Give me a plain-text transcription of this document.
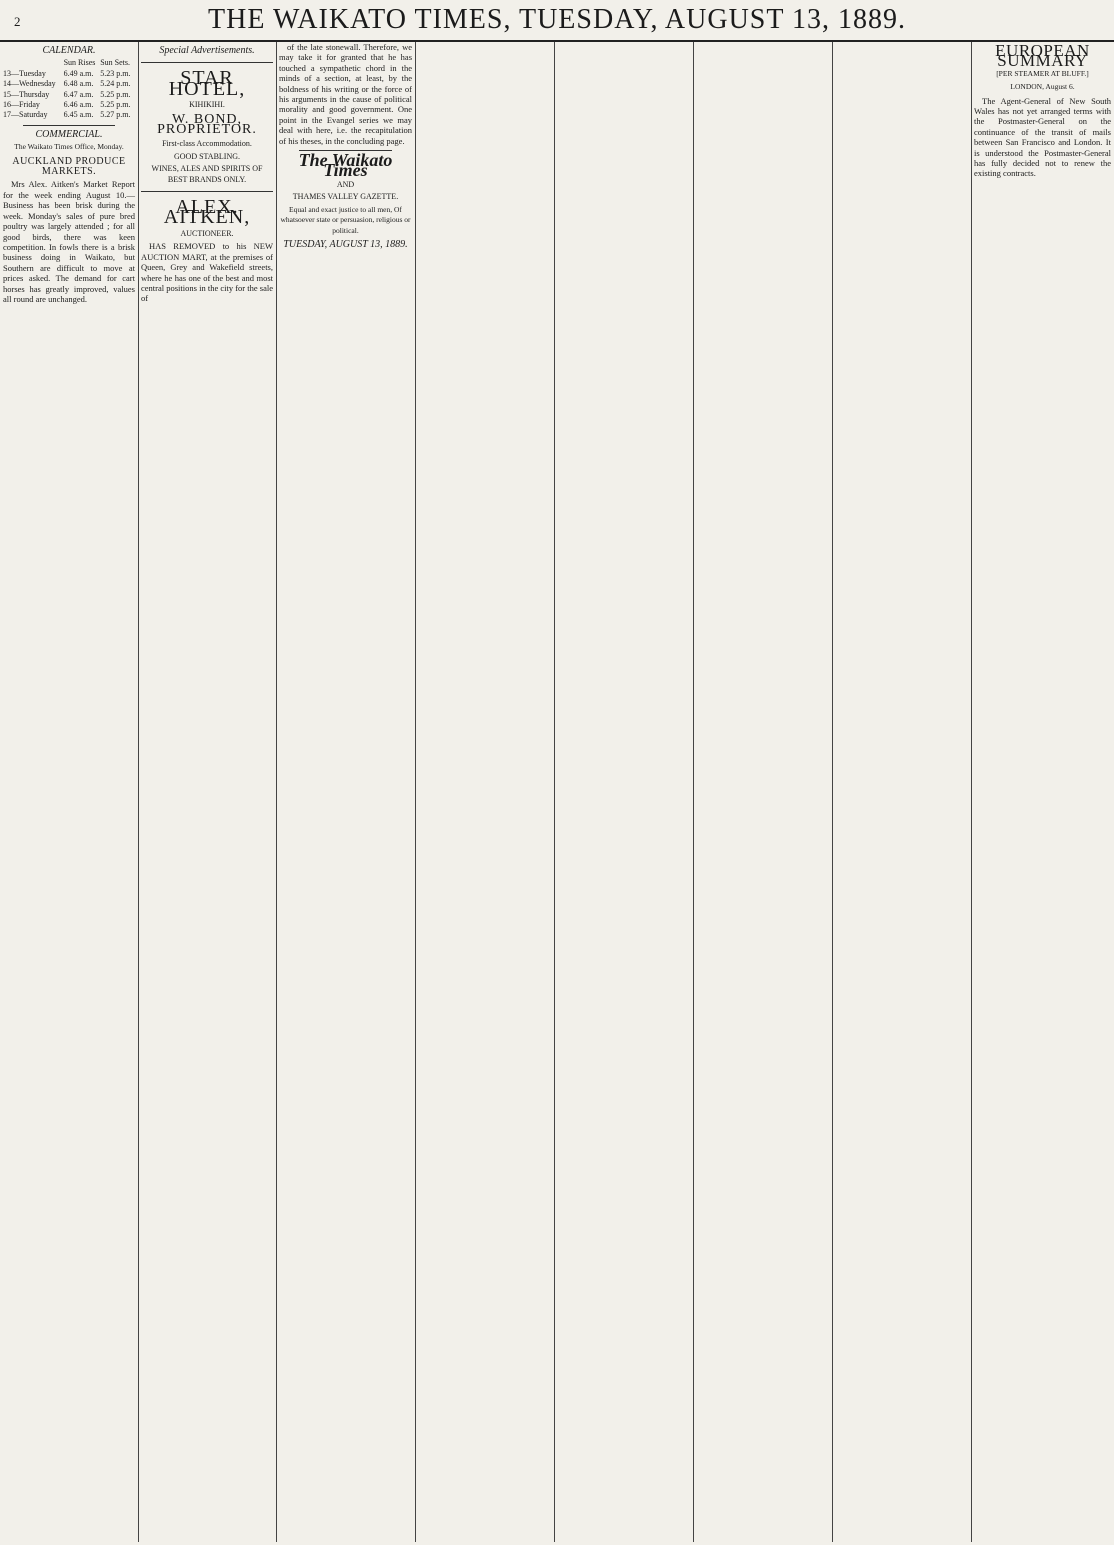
2	THE WAIKATO TIMES, TUESDAY, AUGUST 13, 1889.
CALENDAR.
	Sun Rises	Sun Sets.
13—Tuesday	6.49 a.m.	5.23 p.m.
14—Wednesday	6.48 a.m.	5.24 p.m.
15—Thursday	6.47 a.m.	5.25 p.m.
16—Friday	6.46 a.m.	5.25 p.m.
17—Saturday	6.45 a.m.	5.27 p.m.
COMMERCIAL.
The Waikato Times Office, Monday.
AUCKLAND PRODUCE MARKETS.

Mrs Alex. Aitken's Market Report for the week ending August 10.—Business has been brisk during the week. Monday's sales of pure bred poultry was largely attended ; for all good birds, there was keen competition. In fowls there is a brisk business doing in Waikato, but Southern are difficult to move at prices asked. The demand for cart horses has greatly improved, values all round are unchanged.

Special Advertisements.
STAR HOTEL,
KIHIKIHI.
W. BOND, PROPRIETOR.
First-class Accommodation.
GOOD STABLING.
WINES, ALES AND SPIRITS OF BEST BRANDS ONLY.
ALEX. AITKEN,
AUCTIONEER.

HAS REMOVED to his NEW AUCTION MART, at the premises of Queen, Grey and Wakefield streets, where he has one of the best and most central positions in the city for the sale of

of the late stonewall. Therefore, we may take it for granted that he has touched a sympathetic chord in the minds of a section, at least, by the boldness of his writing or the force of his arguments in the cause of political morality and good government. One point in the Evangel series we may deal with here, i.e. the recapitulation of his theses, in the concluding page.

The Waikato Times
AND
THAMES VALLEY GAZETTE.
Equal and exact justice to all men, Of whatsoever state or persuasion, religious or political.
TUESDAY, AUGUST 13, 1889.
EUROPEAN SUMMARY
[PER STEAMER AT BLUFF.]
LONDON, August 6.

The Agent-General of New South Wales has not yet arranged terms with the Postmaster-General on the continuance of the transit of mails between San Francisco and London. It is understood the Postmaster-General has fully decided not to renew the existing contracts.
